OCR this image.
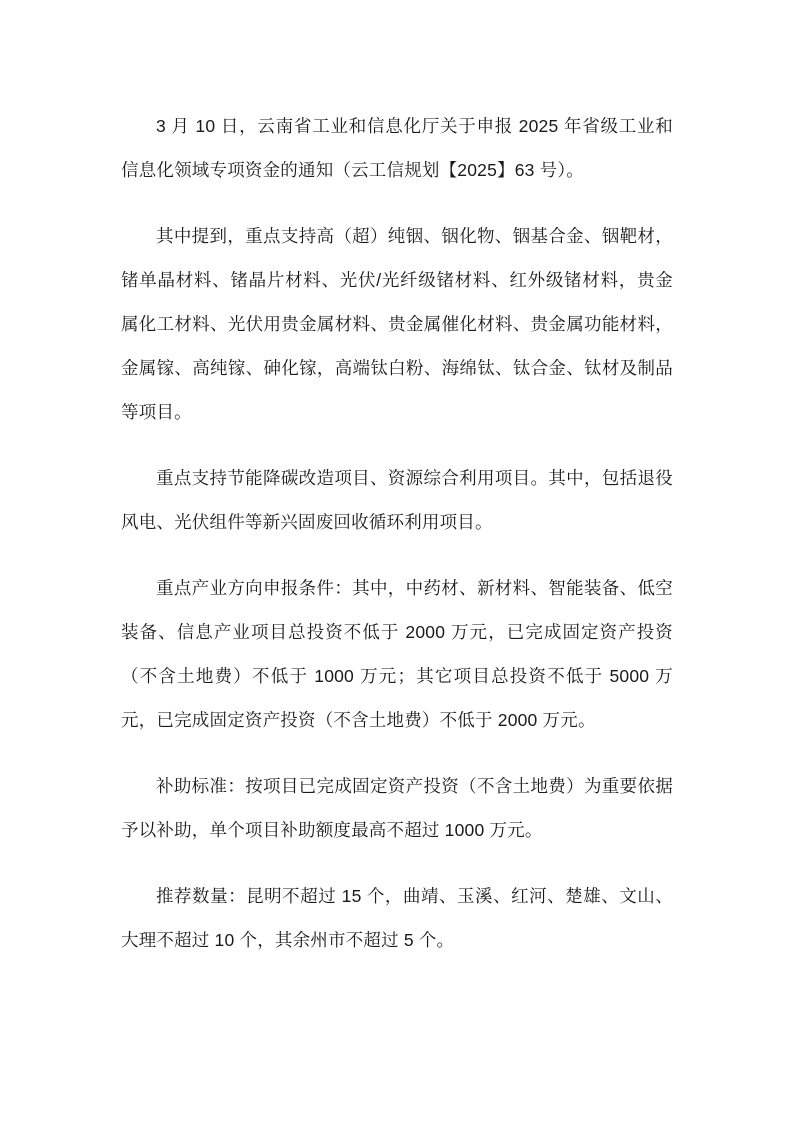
3 月 10 日，云南省工业和信息化厅关于申报 2025 年省级工业和信息化领域专项资金的通知（云工信规划【2025】63 号）。

其中提到，重点支持高（超）纯铟、铟化物、铟基合金、铟靶材，锗单晶材料、锗晶片材料、光伏/光纤级锗材料、红外级锗材料，贵金属化工材料、光伏用贵金属材料、贵金属催化材料、贵金属功能材料，金属镓、高纯镓、砷化镓，高端钛白粉、海绵钛、钛合金、钛材及制品等项目。

重点支持节能降碳改造项目、资源综合利用项目。其中，包括退役风电、光伏组件等新兴固废回收循环利用项目。

重点产业方向申报条件：其中，中药材、新材料、智能装备、低空装备、信息产业项目总投资不低于 2000 万元，已完成固定资产投资（不含土地费）不低于 1000 万元；其它项目总投资不低于 5000 万元，已完成固定资产投资（不含土地费）不低于 2000 万元。

补助标准：按项目已完成固定资产投资（不含土地费）为重要依据予以补助，单个项目补助额度最高不超过 1000 万元。

推荐数量：昆明不超过 15 个，曲靖、玉溪、红河、楚雄、文山、大理不超过 10 个，其余州市不超过 5 个。
